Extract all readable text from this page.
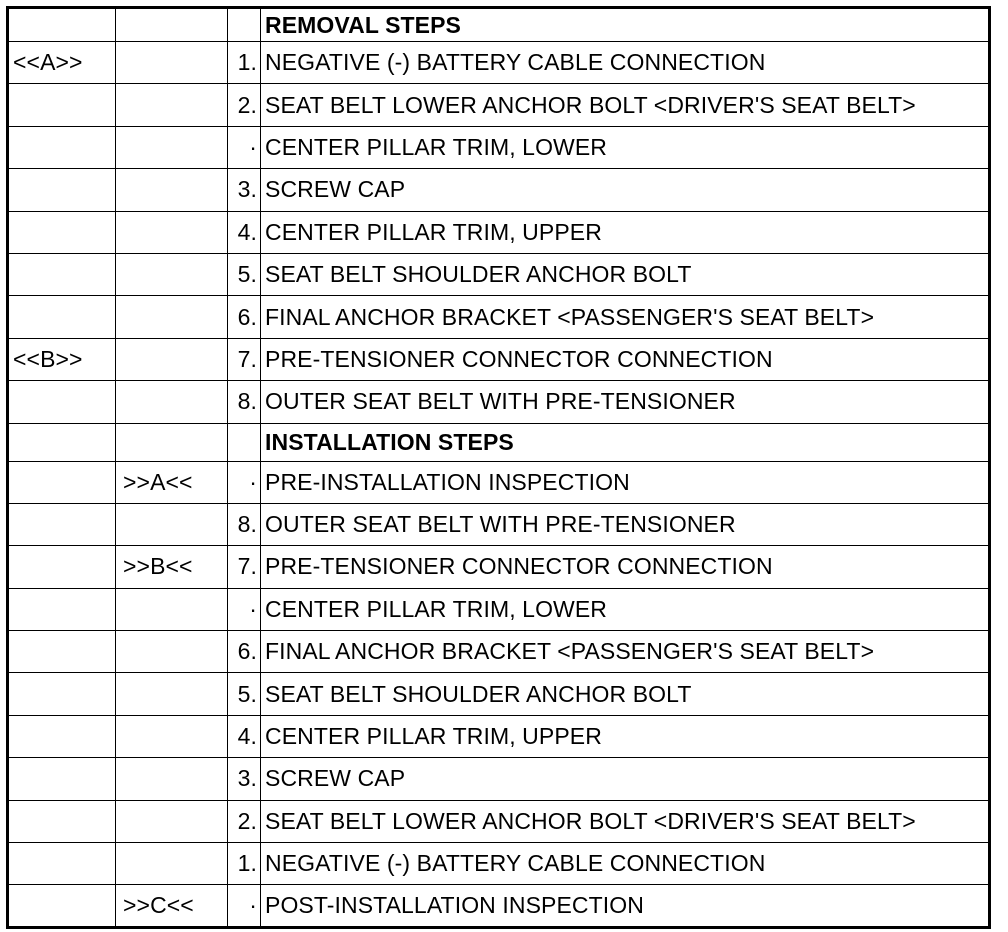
			REMOVAL STEPS
<<A>>		1.	NEGATIVE (-) BATTERY CABLE CONNECTION
		2.	SEAT BELT LOWER ANCHOR BOLT <DRIVER'S SEAT BELT>
		·	CENTER PILLAR TRIM, LOWER
		3.	SCREW CAP
		4.	CENTER PILLAR TRIM, UPPER
		5.	SEAT BELT SHOULDER ANCHOR BOLT
		6.	FINAL ANCHOR BRACKET <PASSENGER'S SEAT BELT>
<<B>>		7.	PRE-TENSIONER CONNECTOR CONNECTION
		8.	OUTER SEAT BELT WITH PRE-TENSIONER
			INSTALLATION STEPS
	>>A<<	·	PRE-INSTALLATION INSPECTION
		8.	OUTER SEAT BELT WITH PRE-TENSIONER
	>>B<<	7.	PRE-TENSIONER CONNECTOR CONNECTION
		·	CENTER PILLAR TRIM, LOWER
		6.	FINAL ANCHOR BRACKET <PASSENGER'S SEAT BELT>
		5.	SEAT BELT SHOULDER ANCHOR BOLT
		4.	CENTER PILLAR TRIM, UPPER
		3.	SCREW CAP
		2.	SEAT BELT LOWER ANCHOR BOLT <DRIVER'S SEAT BELT>
		1.	NEGATIVE (-) BATTERY CABLE CONNECTION
	>>C<<	·	POST-INSTALLATION INSPECTION
